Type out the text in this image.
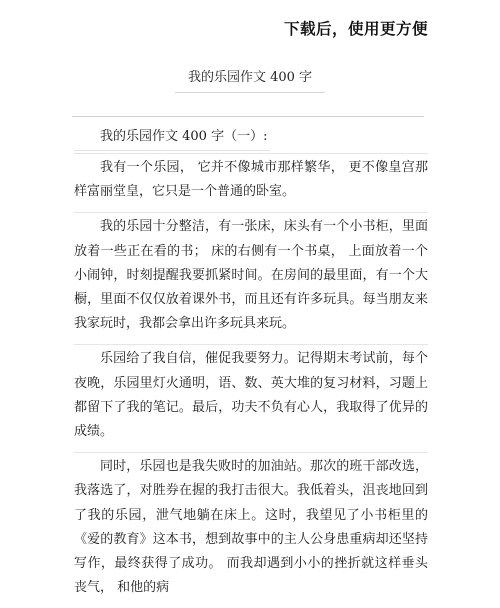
下载后，使用更方便
我的乐园作文 400 字
我的乐园作文 400 字（一）:

我有一个乐园， 它并不像城市那样繁华， 更不像皇宫那样富丽堂皇，它只是一个普通的卧室。

我的乐园十分整洁，有一张床，床头有一个小书柜，里面放着一些正在看的书； 床的右侧有一个书桌， 上面放着一个小闹钟，时刻提醒我要抓紧时间。在房间的最里面，有一个大橱，里面不仅仅放着课外书，而且还有许多玩具。每当朋友来我家玩时，我都会拿出许多玩具来玩。

乐园给了我自信，催促我要努力。记得期末考试前，每个夜晚，乐园里灯火通明，语、数、英大堆的复习材料，习题上都留下了我的笔记。最后，功夫不负有心人，我取得了优异的成绩。

同时，乐园也是我失败时的加油站。那次的班干部改选，我落选了，对胜券在握的我打击很大。我低着头，沮丧地回到了我的乐园，泄气地躺在床上。这时，我望见了小书柜里的《爱的教育》这本书，想到故事中的主人公身患重病却还坚持写作，最终获得了成功。 而我却遇到小小的挫折就这样垂头丧气， 和他的病
